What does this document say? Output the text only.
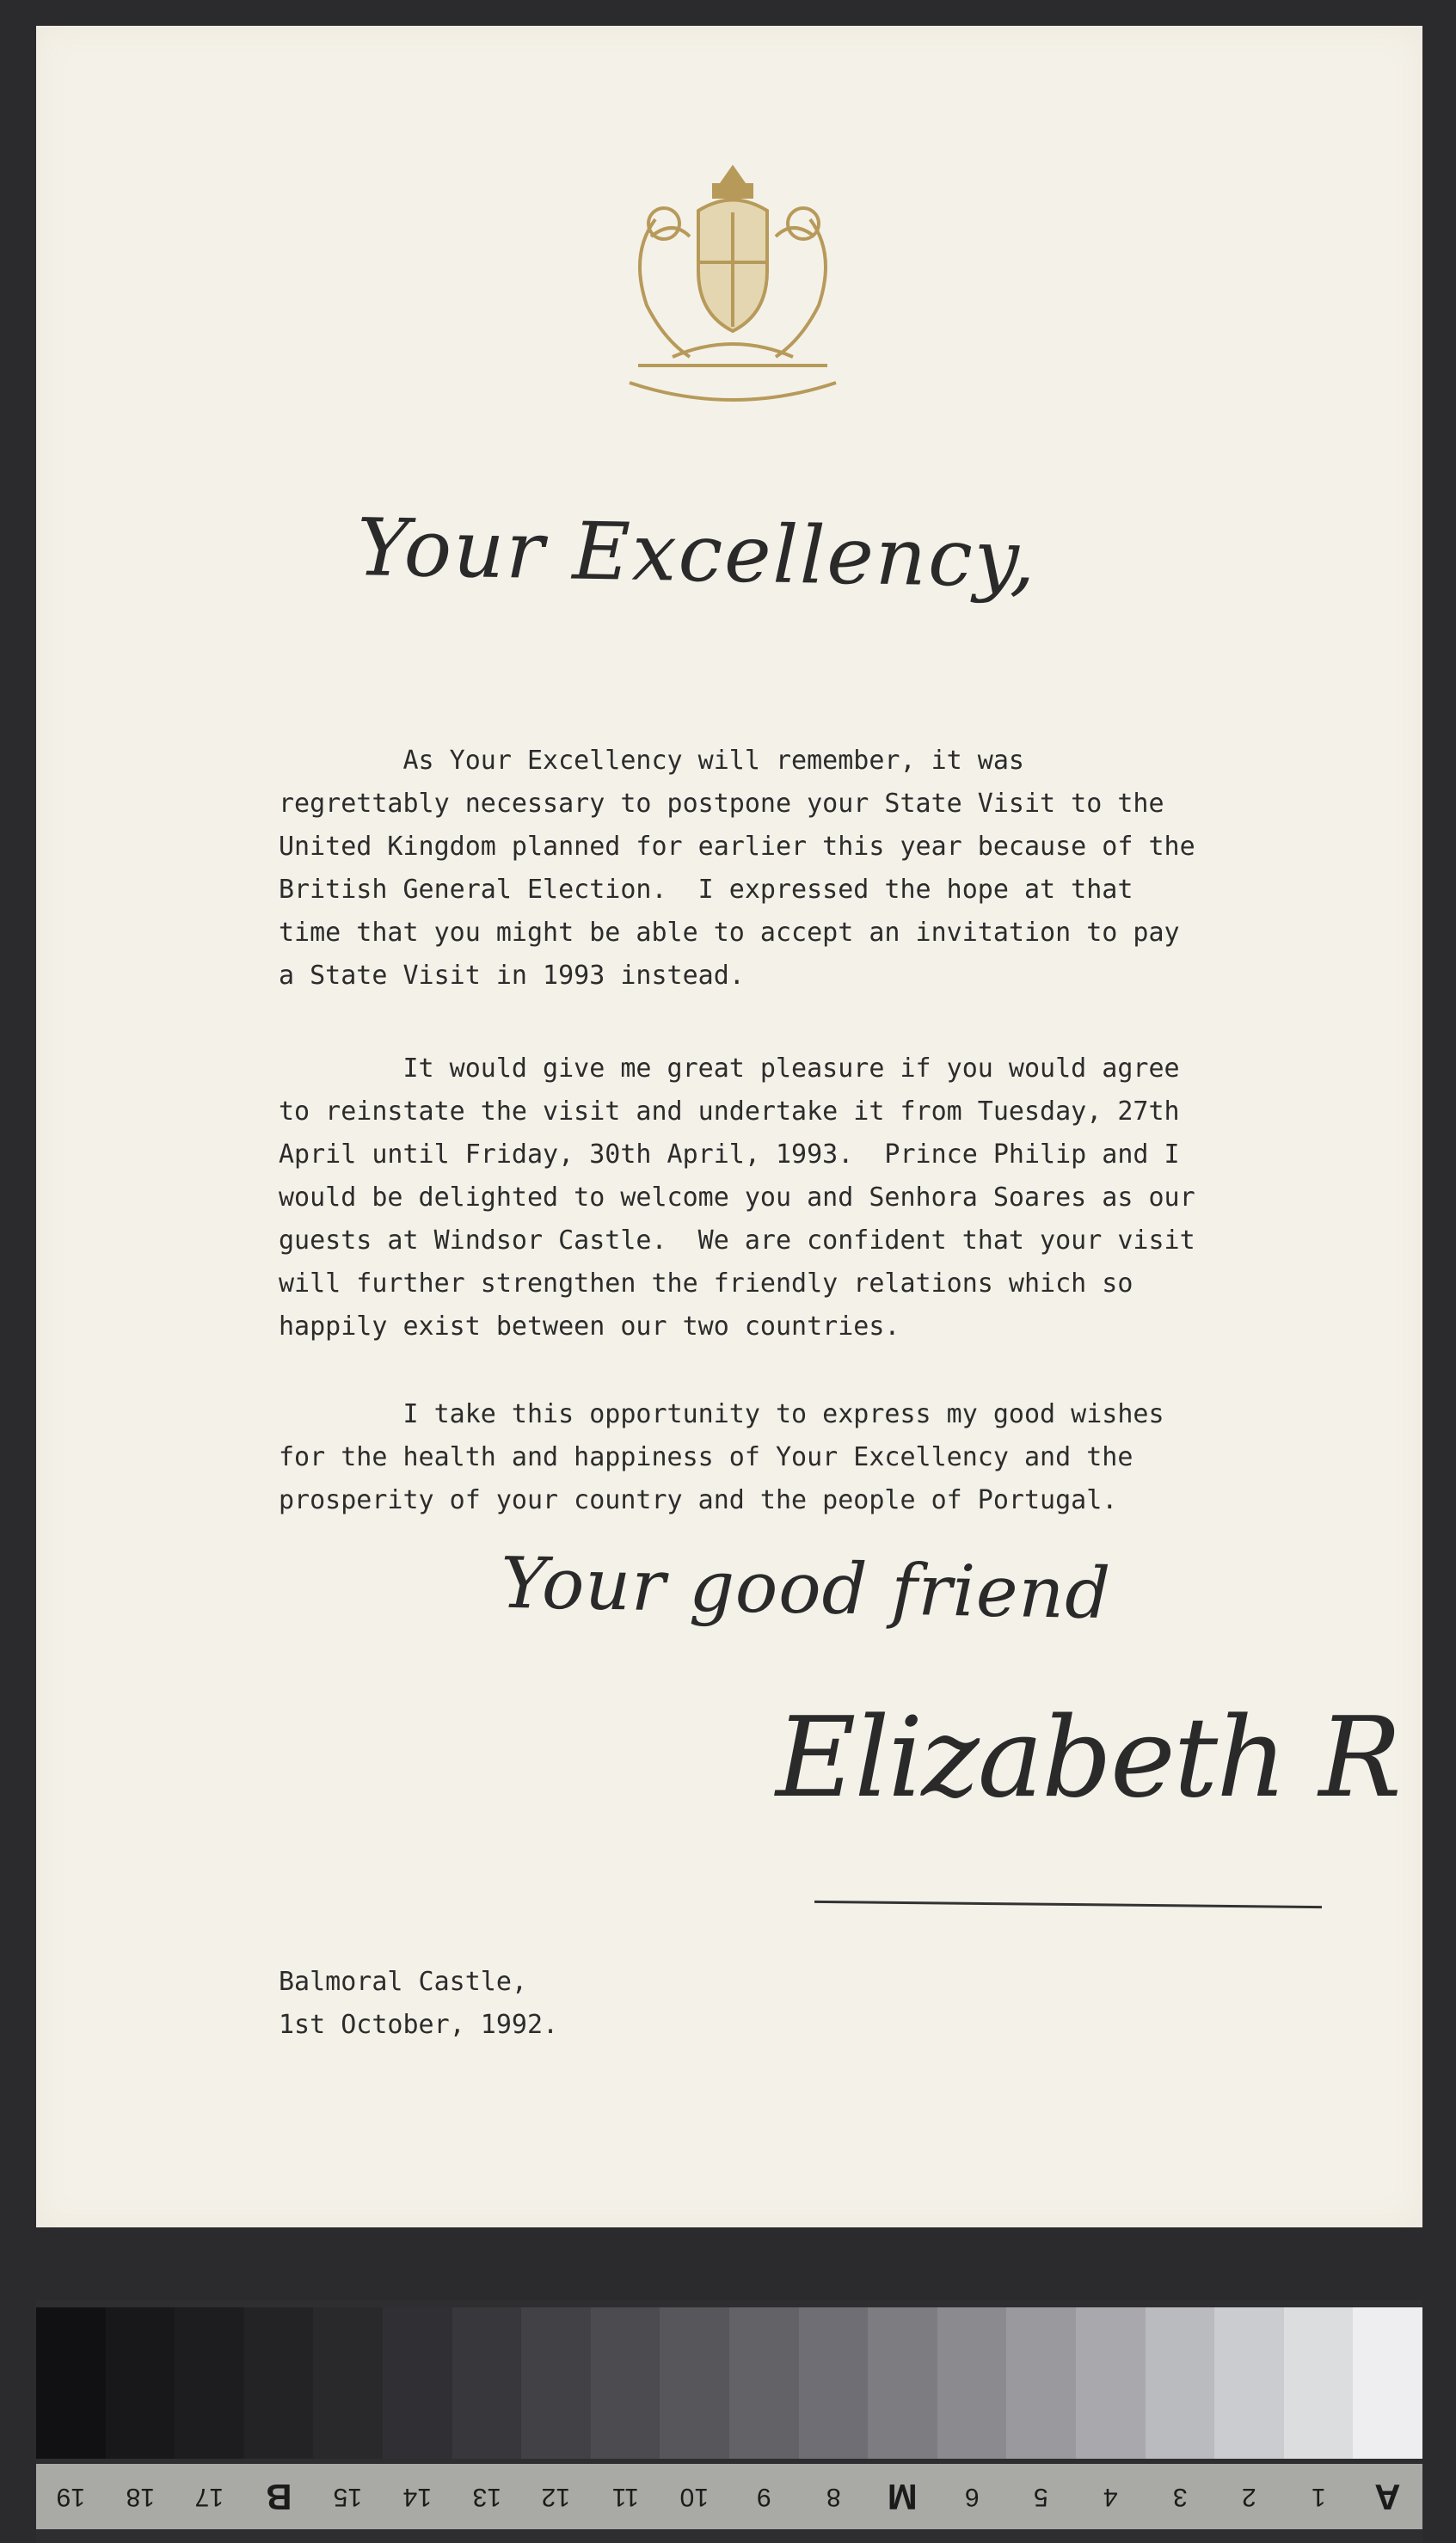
Your Excellency,
As Your Excellency will remember, it was
regrettably necessary to postpone your State Visit to the
United Kingdom planned for earlier this year because of the
British General Election.  I expressed the hope at that
time that you might be able to accept an invitation to pay
a State Visit in 1993 instead.
It would give me great pleasure if you would agree
to reinstate the visit and undertake it from Tuesday, 27th
April until Friday, 30th April, 1993.  Prince Philip and I
would be delighted to welcome you and Senhora Soares as our
guests at Windsor Castle.  We are confident that your visit
will further strengthen the friendly relations which so
happily exist between our two countries.
I take this opportunity to express my good wishes
for the health and happiness of Your Excellency and the
prosperity of your country and the people of Portugal.
Your good friend
Elizabeth R
Balmoral Castle,
1st October, 1992.
19	18	17	B	15	14	13	12	11	10	9	8	M	6	5	4	3	2	1	A
